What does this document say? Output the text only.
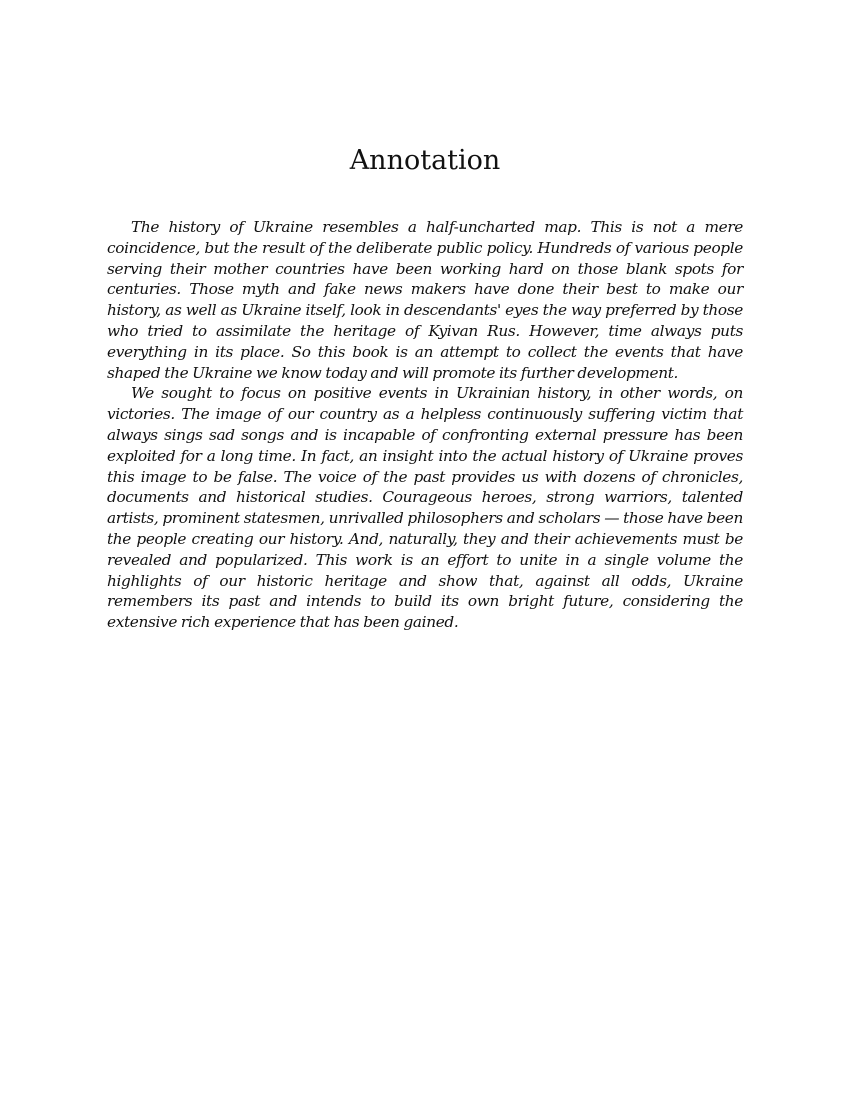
Annotation

The history of Ukraine resembles a half-uncharted map. This is not a mere coincidence, but the result of the deliberate public policy. Hundreds of various people serving their mother countries have been working hard on those blank spots for centuries. Those myth and fake news makers have done their best to make our history, as well as Ukraine itself, look in descendants' eyes the way preferred by those who tried to assimilate the heritage of Kyivan Rus. However, time always puts everything in its place. So this book is an attempt to collect the events that have shaped the Ukraine we know today and will promote its further development.

We sought to focus on positive events in Ukrainian history, in other words, on victories. The image of our country as a helpless continuously suffering victim that always sings sad songs and is incapable of confronting external pressure has been exploited for a long time. In fact, an insight into the actual history of Ukraine proves this image to be false. The voice of the past provides us with dozens of chronicles, documents and historical studies. Courageous heroes, strong warriors, talented artists, prominent statesmen, unrivalled philosophers and scholars — those have been the people creating our history. And, naturally, they and their achievements must be revealed and popularized. This work is an effort to unite in a single volume the highlights of our historic heritage and show that, against all odds, Ukraine remembers its past and intends to build its own bright future, considering the extensive rich experience that has been gained.
